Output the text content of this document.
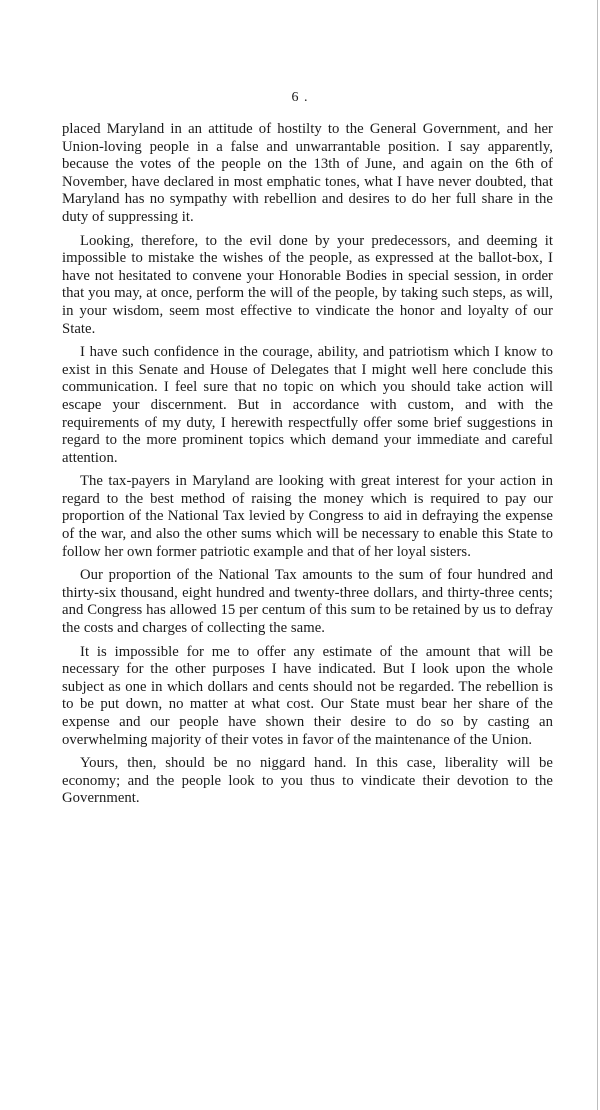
6 .

placed Maryland in an attitude of hostilty to the General Government, and her Union-loving people in a false and unwarrantable position. I say apparently, because the votes of the people on the 13th of June, and again on the 6th of November, have declared in most emphatic tones, what I have never doubted, that Maryland has no sympathy with rebellion and desires to do her full share in the duty of suppressing it.

Looking, therefore, to the evil done by your predecessors, and deeming it impossible to mistake the wishes of the people, as expressed at the ballot-box, I have not hesitated to convene your Honorable Bodies in special session, in order that you may, at once, perform the will of the people, by taking such steps, as will, in your wisdom, seem most effective to vindicate the honor and loyalty of our State.

I have such confidence in the courage, ability, and patriotism which I know to exist in this Senate and House of Delegates that I might well here conclude this communication. I feel sure that no topic on which you should take action will escape your discernment. But in accordance with custom, and with the requirements of my duty, I herewith respectfully offer some brief suggestions in regard to the more prominent topics which demand your immediate and careful attention.

The tax-payers in Maryland are looking with great interest for your action in regard to the best method of raising the money which is required to pay our proportion of the National Tax levied by Congress to aid in defraying the expense of the war, and also the other sums which will be necessary to enable this State to follow her own former patriotic example and that of her loyal sisters.

Our proportion of the National Tax amounts to the sum of four hundred and thirty-six thousand, eight hundred and twenty-three dollars, and thirty-three cents; and Congress has allowed 15 per centum of this sum to be retained by us to defray the costs and charges of collecting the same.

It is impossible for me to offer any estimate of the amount that will be necessary for the other purposes I have indicated. But I look upon the whole subject as one in which dollars and cents should not be regarded. The rebellion is to be put down, no matter at what cost. Our State must bear her share of the expense and our people have shown their desire to do so by casting an overwhelming majority of their votes in favor of the maintenance of the Union.

Yours, then, should be no niggard hand. In this case, liberality will be economy; and the people look to you thus to vindicate their devotion to the Government.
